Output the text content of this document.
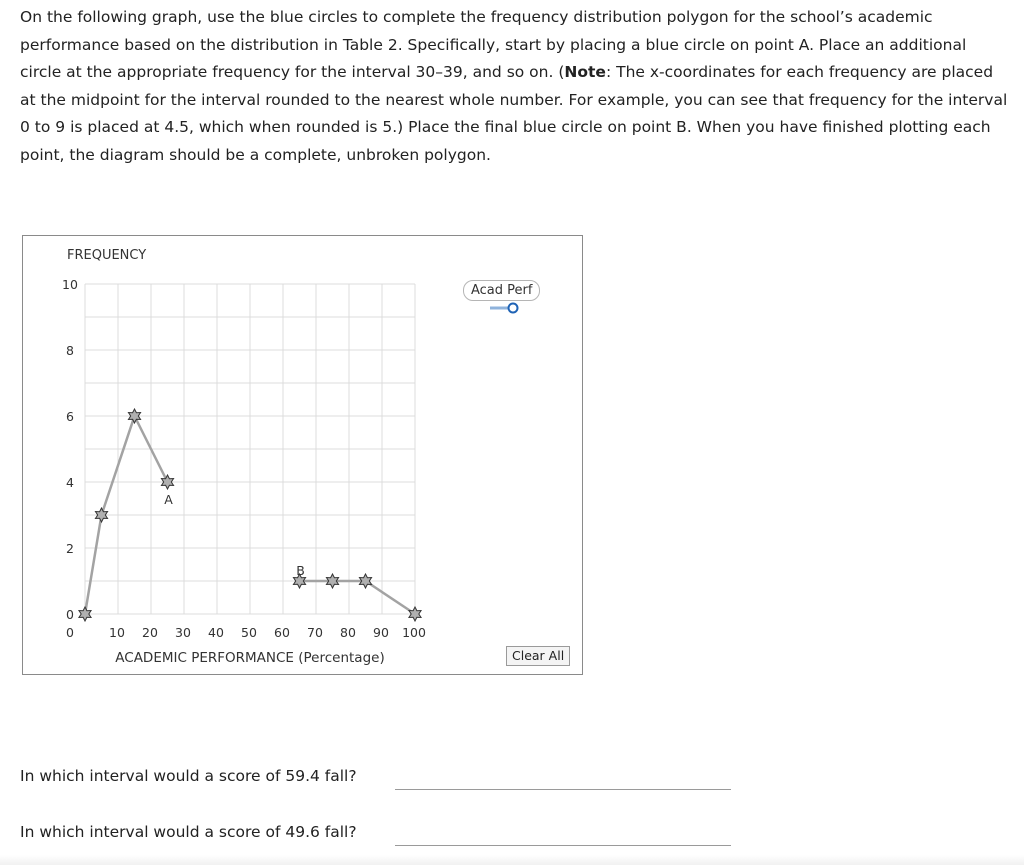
On the following graph, use the blue circles to complete the frequency distribution polygon for the school’s academic performance based on the distribution in Table 2. Specifically, start by placing a blue circle on point A. Place an additional circle at the appropriate frequency for the interval 30–39, and so on. (Note: The x-coordinates for each frequency are placed at the midpoint for the interval rounded to the nearest whole number. For example, you can see that frequency for the interval 0 to 9 is placed at 4.5, which when rounded is 5.) Place the final blue circle on point B. When you have finished plotting each point, the diagram should be a complete, unbroken polygon.
FREQUENCY
0
2
4
6
8
10
0	10 20 30 40 50 60 70 80 90 100
ACADEMIC PERFORMANCE (Percentage)
A
B
Acad Perf
Clear All
In which interval would a score of 59.4 fall?
In which interval would a score of 49.6 fall?
